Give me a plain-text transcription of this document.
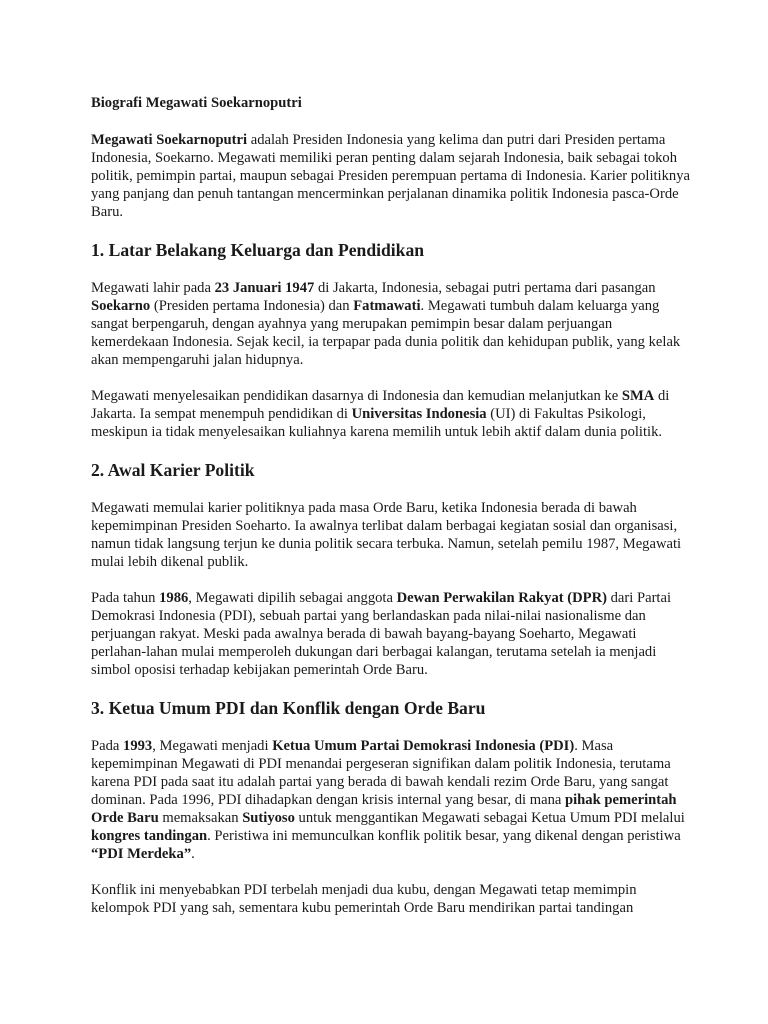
Biografi Megawati Soekarnoputri

Megawati Soekarnoputri adalah Presiden Indonesia yang kelima dan putri dari Presiden pertama Indonesia, Soekarno. Megawati memiliki peran penting dalam sejarah Indonesia, baik sebagai tokoh politik, pemimpin partai, maupun sebagai Presiden perempuan pertama di Indonesia. Karier politiknya yang panjang dan penuh tantangan mencerminkan perjalanan dinamika politik Indonesia pasca-Orde Baru.

1. Latar Belakang Keluarga dan Pendidikan

Megawati lahir pada 23 Januari 1947 di Jakarta, Indonesia, sebagai putri pertama dari pasangan Soekarno (Presiden pertama Indonesia) dan Fatmawati. Megawati tumbuh dalam keluarga yang sangat berpengaruh, dengan ayahnya yang merupakan pemimpin besar dalam perjuangan kemerdekaan Indonesia. Sejak kecil, ia terpapar pada dunia politik dan kehidupan publik, yang kelak akan mempengaruhi jalan hidupnya.

Megawati menyelesaikan pendidikan dasarnya di Indonesia dan kemudian melanjutkan ke SMA di Jakarta. Ia sempat menempuh pendidikan di Universitas Indonesia (UI) di Fakultas Psikologi, meskipun ia tidak menyelesaikan kuliahnya karena memilih untuk lebih aktif dalam dunia politik.

2. Awal Karier Politik

Megawati memulai karier politiknya pada masa Orde Baru, ketika Indonesia berada di bawah kepemimpinan Presiden Soeharto. Ia awalnya terlibat dalam berbagai kegiatan sosial dan organisasi, namun tidak langsung terjun ke dunia politik secara terbuka. Namun, setelah pemilu 1987, Megawati mulai lebih dikenal publik.

Pada tahun 1986, Megawati dipilih sebagai anggota Dewan Perwakilan Rakyat (DPR) dari Partai Demokrasi Indonesia (PDI), sebuah partai yang berlandaskan pada nilai-nilai nasionalisme dan perjuangan rakyat. Meski pada awalnya berada di bawah bayang-bayang Soeharto, Megawati perlahan-lahan mulai memperoleh dukungan dari berbagai kalangan, terutama setelah ia menjadi simbol oposisi terhadap kebijakan pemerintah Orde Baru.

3. Ketua Umum PDI dan Konflik dengan Orde Baru

Pada 1993, Megawati menjadi Ketua Umum Partai Demokrasi Indonesia (PDI). Masa kepemimpinan Megawati di PDI menandai pergeseran signifikan dalam politik Indonesia, terutama karena PDI pada saat itu adalah partai yang berada di bawah kendali rezim Orde Baru, yang sangat dominan. Pada 1996, PDI dihadapkan dengan krisis internal yang besar, di mana pihak pemerintah Orde Baru memaksakan Sutiyoso untuk menggantikan Megawati sebagai Ketua Umum PDI melalui kongres tandingan. Peristiwa ini memunculkan konflik politik besar, yang dikenal dengan peristiwa “PDI Merdeka”.

Konflik ini menyebabkan PDI terbelah menjadi dua kubu, dengan Megawati tetap memimpin kelompok PDI yang sah, sementara kubu pemerintah Orde Baru mendirikan partai tandingan
